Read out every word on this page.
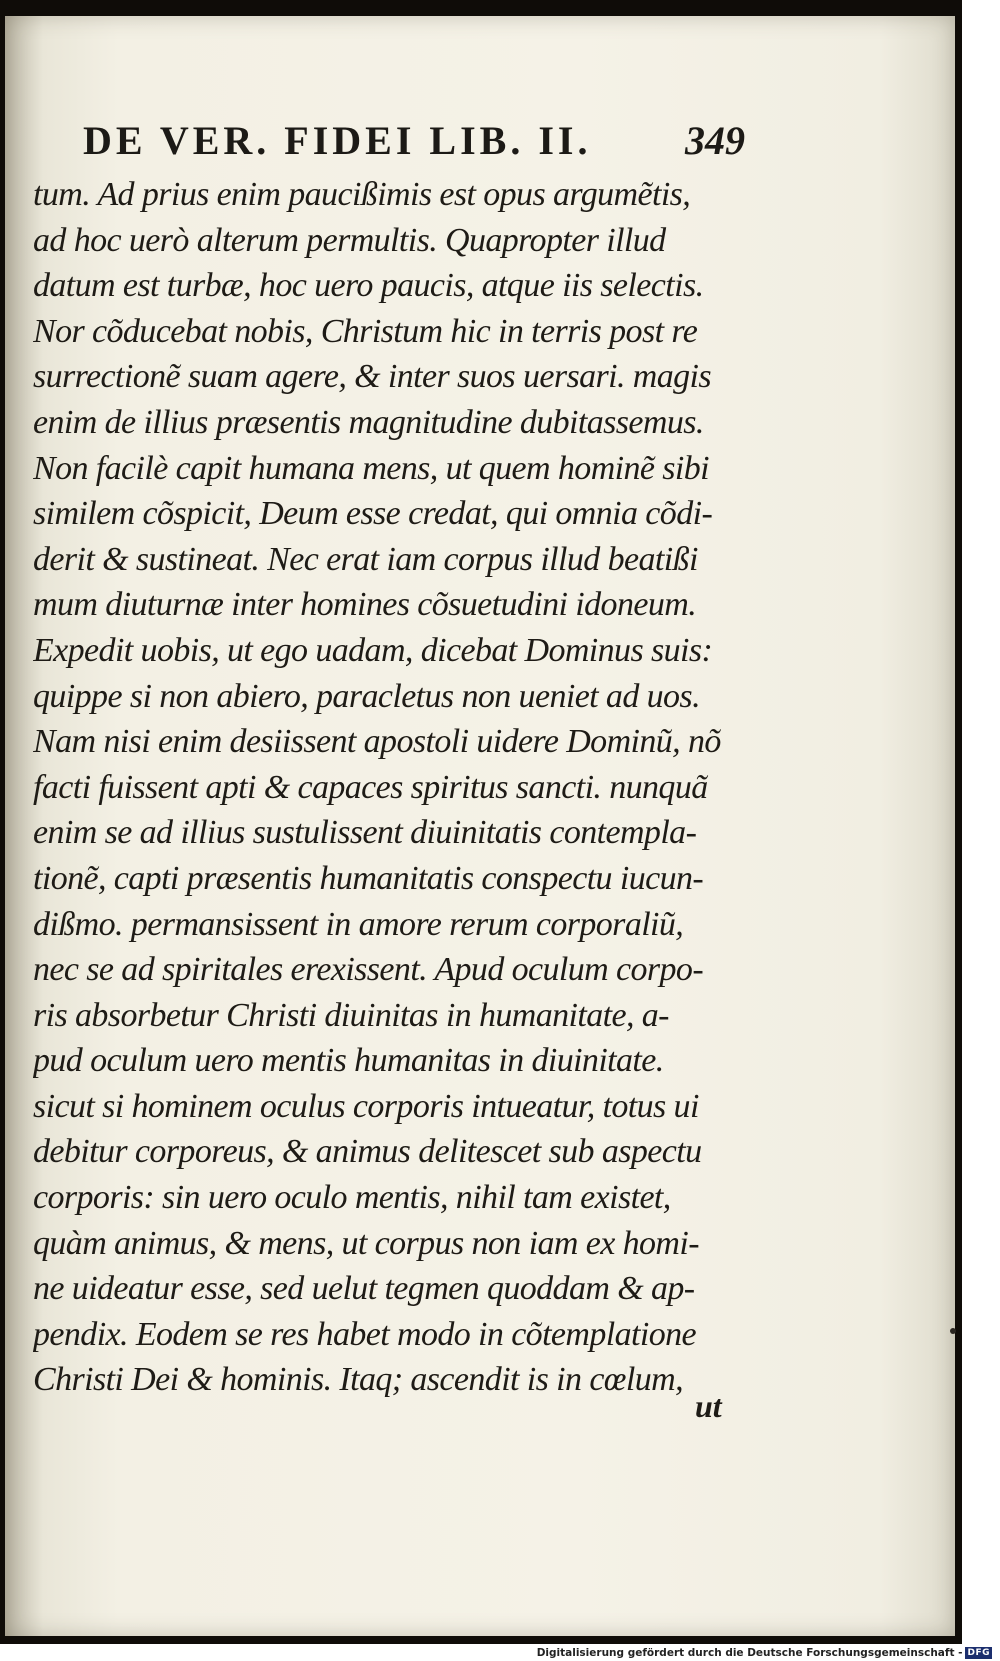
DE VER. FIDEI LIB. II. 349
tum. Ad prius enim paucißimis est opus argumẽtis,
ad hoc uerò alterum permultis. Quapropter illud
datum est turbæ, hoc uero paucis, atque iis selectis.
Nor cõducebat nobis, Christum hic in terris post re
surrectionẽ suam agere, & inter suos uersari. magis
enim de illius præsentis magnitudine dubitassemus.
Non facilè capit humana mens, ut quem hominẽ sibi
similem cõspicit, Deum esse credat, qui omnia cõdi-
derit & sustineat. Nec erat iam corpus illud beatißi
mum diuturnæ inter homines cõsuetudini idoneum.
Expedit uobis, ut ego uadam, dicebat Dominus suis:
quippe si non abiero, paracletus non ueniet ad uos.
Nam nisi enim desiissent apostoli uidere Dominũ, nõ
facti fuissent apti & capaces spiritus sancti. nunquã
enim se ad illius sustulissent diuinitatis contempla-
tionẽ, capti præsentis humanitatis conspectu iucun-
dißmo. permansissent in amore rerum corporaliũ,
nec se ad spiritales erexissent. Apud oculum corpo-
ris absorbetur Christi diuinitas in humanitate, a-
pud oculum uero mentis humanitas in diuinitate.
sicut si hominem oculus corporis intueatur, totus ui
debitur corporeus, & animus delitescet sub aspectu
corporis: sin uero oculo mentis, nihil tam existet,
quàm animus, & mens, ut corpus non iam ex homi-
ne uideatur esse, sed uelut tegmen quoddam & ap-
pendix. Eodem se res habet modo in cõtemplatione
Christi Dei & hominis. Itaq; ascendit is in cœlum,
ut
Digitalisierung gefördert durch die Deutsche Forschungsgemeinschaft - DFG
